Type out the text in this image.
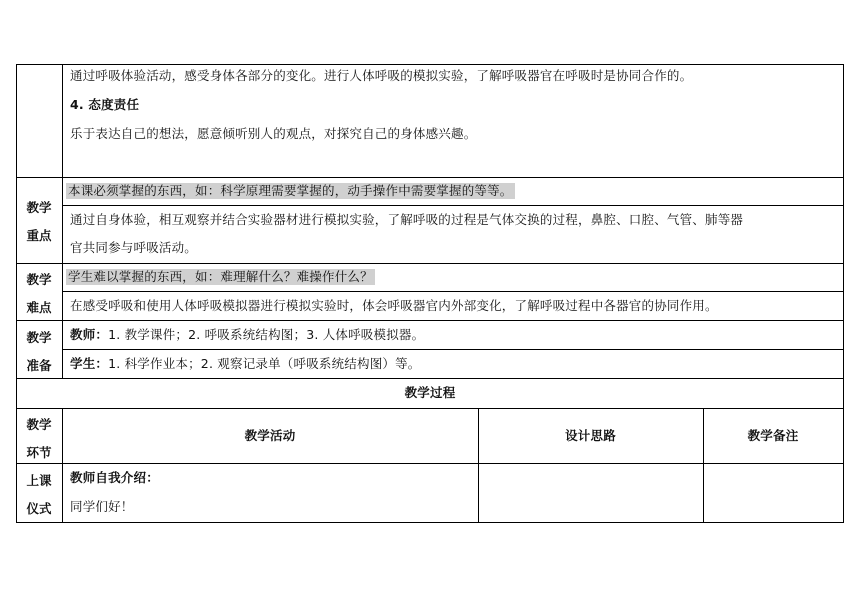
通过呼吸体验活动，感受身体各部分的变化。进行人体呼吸的模拟实验，了解呼吸器官在呼吸时是协同合作的。
4. 态度责任
乐于表达自己的想法，愿意倾听别人的观点，对探究自己的身体感兴趣。
教学
重点
本课必须掌握的东西，如：科学原理需要掌握的，动手操作中需要掌握的等等。
通过自身体验，相互观察并结合实验器材进行模拟实验，了解呼吸的过程是气体交换的过程，鼻腔、口腔、气管、肺等器
官共同参与呼吸活动。
教学
难点
学生难以掌握的东西，如：难理解什么？难操作什么？
在感受呼吸和使用人体呼吸模拟器进行模拟实验时，体会呼吸器官内外部变化，了解呼吸过程中各器官的协同作用。
教学
准备
教师：1. 教学课件；2. 呼吸系统结构图；3. 人体呼吸模拟器。
学生：1. 科学作业本；2. 观察记录单（呼吸系统结构图）等。
教学过程
教学
环节
教学活动	设计思路	教学备注
上课
仪式
教师自我介绍：
同学们好！
